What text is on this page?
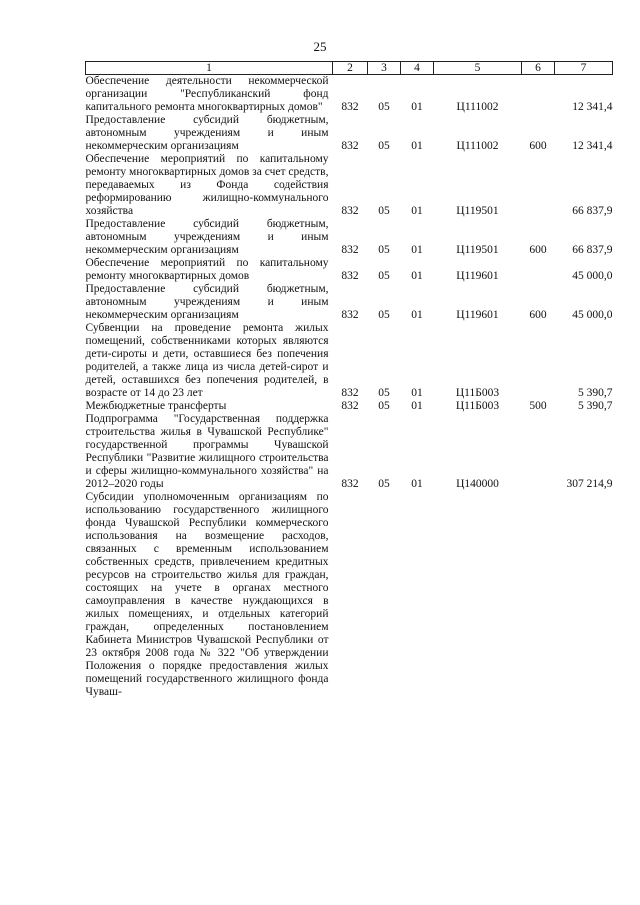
25
1	2	3	4	5	6	7
Обеспечение деятельности некоммерческой организации "Республиканский фонд капитального ремонта многоквартирных домов"	832	05	01	Ц111002		12 341,4
Предоставление субсидий бюджетным, автономным учреждениям и иным некоммерческим организациям	832	05	01	Ц111002	600	12 341,4
Обеспечение мероприятий по капитальному ремонту многоквартирных домов за счет средств, передаваемых из Фонда содействия реформированию жилищно-коммунального хозяйства	832	05	01	Ц119501		66 837,9
Предоставление субсидий бюджетным, автономным учреждениям и иным некоммерческим организациям	832	05	01	Ц119501	600	66 837,9
Обеспечение мероприятий по капитальному ремонту многоквартирных домов	832	05	01	Ц119601		45 000,0
Предоставление субсидий бюджетным, автономным учреждениям и иным некоммерческим организациям	832	05	01	Ц119601	600	45 000,0
Субвенции на проведение ремонта жилых помещений, собственниками которых являются дети-сироты и дети, оставшиеся без попечения родителей, а также лица из числа детей-сирот и детей, оставшихся без попечения родителей, в возрасте от 14 до 23 лет	832	05	01	Ц11Б003		5 390,7
Межбюджетные трансферты	832	05	01	Ц11Б003	500	5 390,7
Подпрограмма "Государственная поддержка строительства жилья в Чувашской Республике" государственной программы Чувашской Республики "Развитие жилищного строительства и сферы жилищно-коммунального хозяйства" на 2012–2020 годы	832	05	01	Ц140000		307 214,9
Субсидии уполномоченным организациям по использованию государственного жилищного фонда Чувашской Республики коммерческого использования на возмещение расходов, связанных с временным использованием собственных средств, привлечением кредитных ресурсов на строительство жилья для граждан, состоящих на учете в органах местного самоуправления в качестве нуждающихся в жилых помещениях, и отдельных категорий граждан, определенных постановлением Кабинета Министров Чувашской Республики от 23 октября 2008 года № 322 "Об утверждении Положения о порядке предоставления жилых помещений государственного жилищного фонда Чуваш-						
